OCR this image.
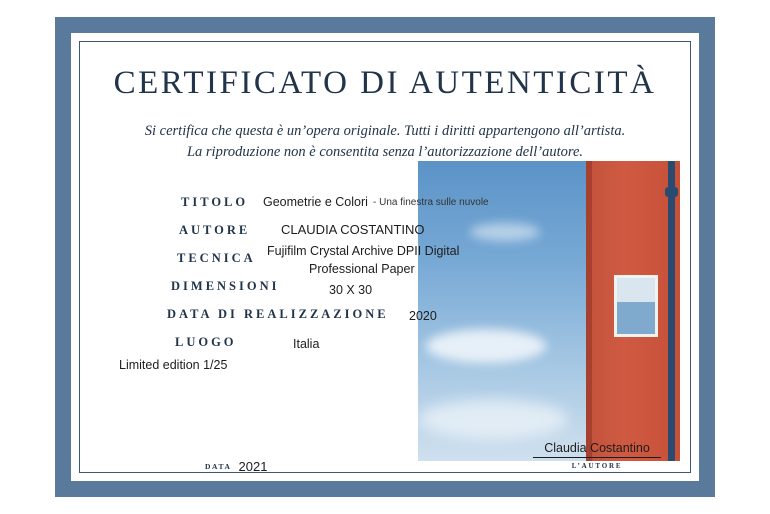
CERTIFICATO DI AUTENTICITÀ
Si certifica che questa è un’opera originale. Tutti i diritti appartengono all’artista.
La riproduzione non è consentita senza l’autorizzazione dell’autore.
TITOLO Geometrie e Colori - Una finestra sulle nuvole
AUTORE CLAUDIA COSTANTINO
TECNICA Fujifilm Crystal Archive DPII Digital
Professional Paper
DIMENSIONI	30 X 30
DATA DI REALIZZAZIONE 2020
LUOGO	Italia
Limited edition 1/25
DATA 2021
Claudia Costantino
L’AUTORE
